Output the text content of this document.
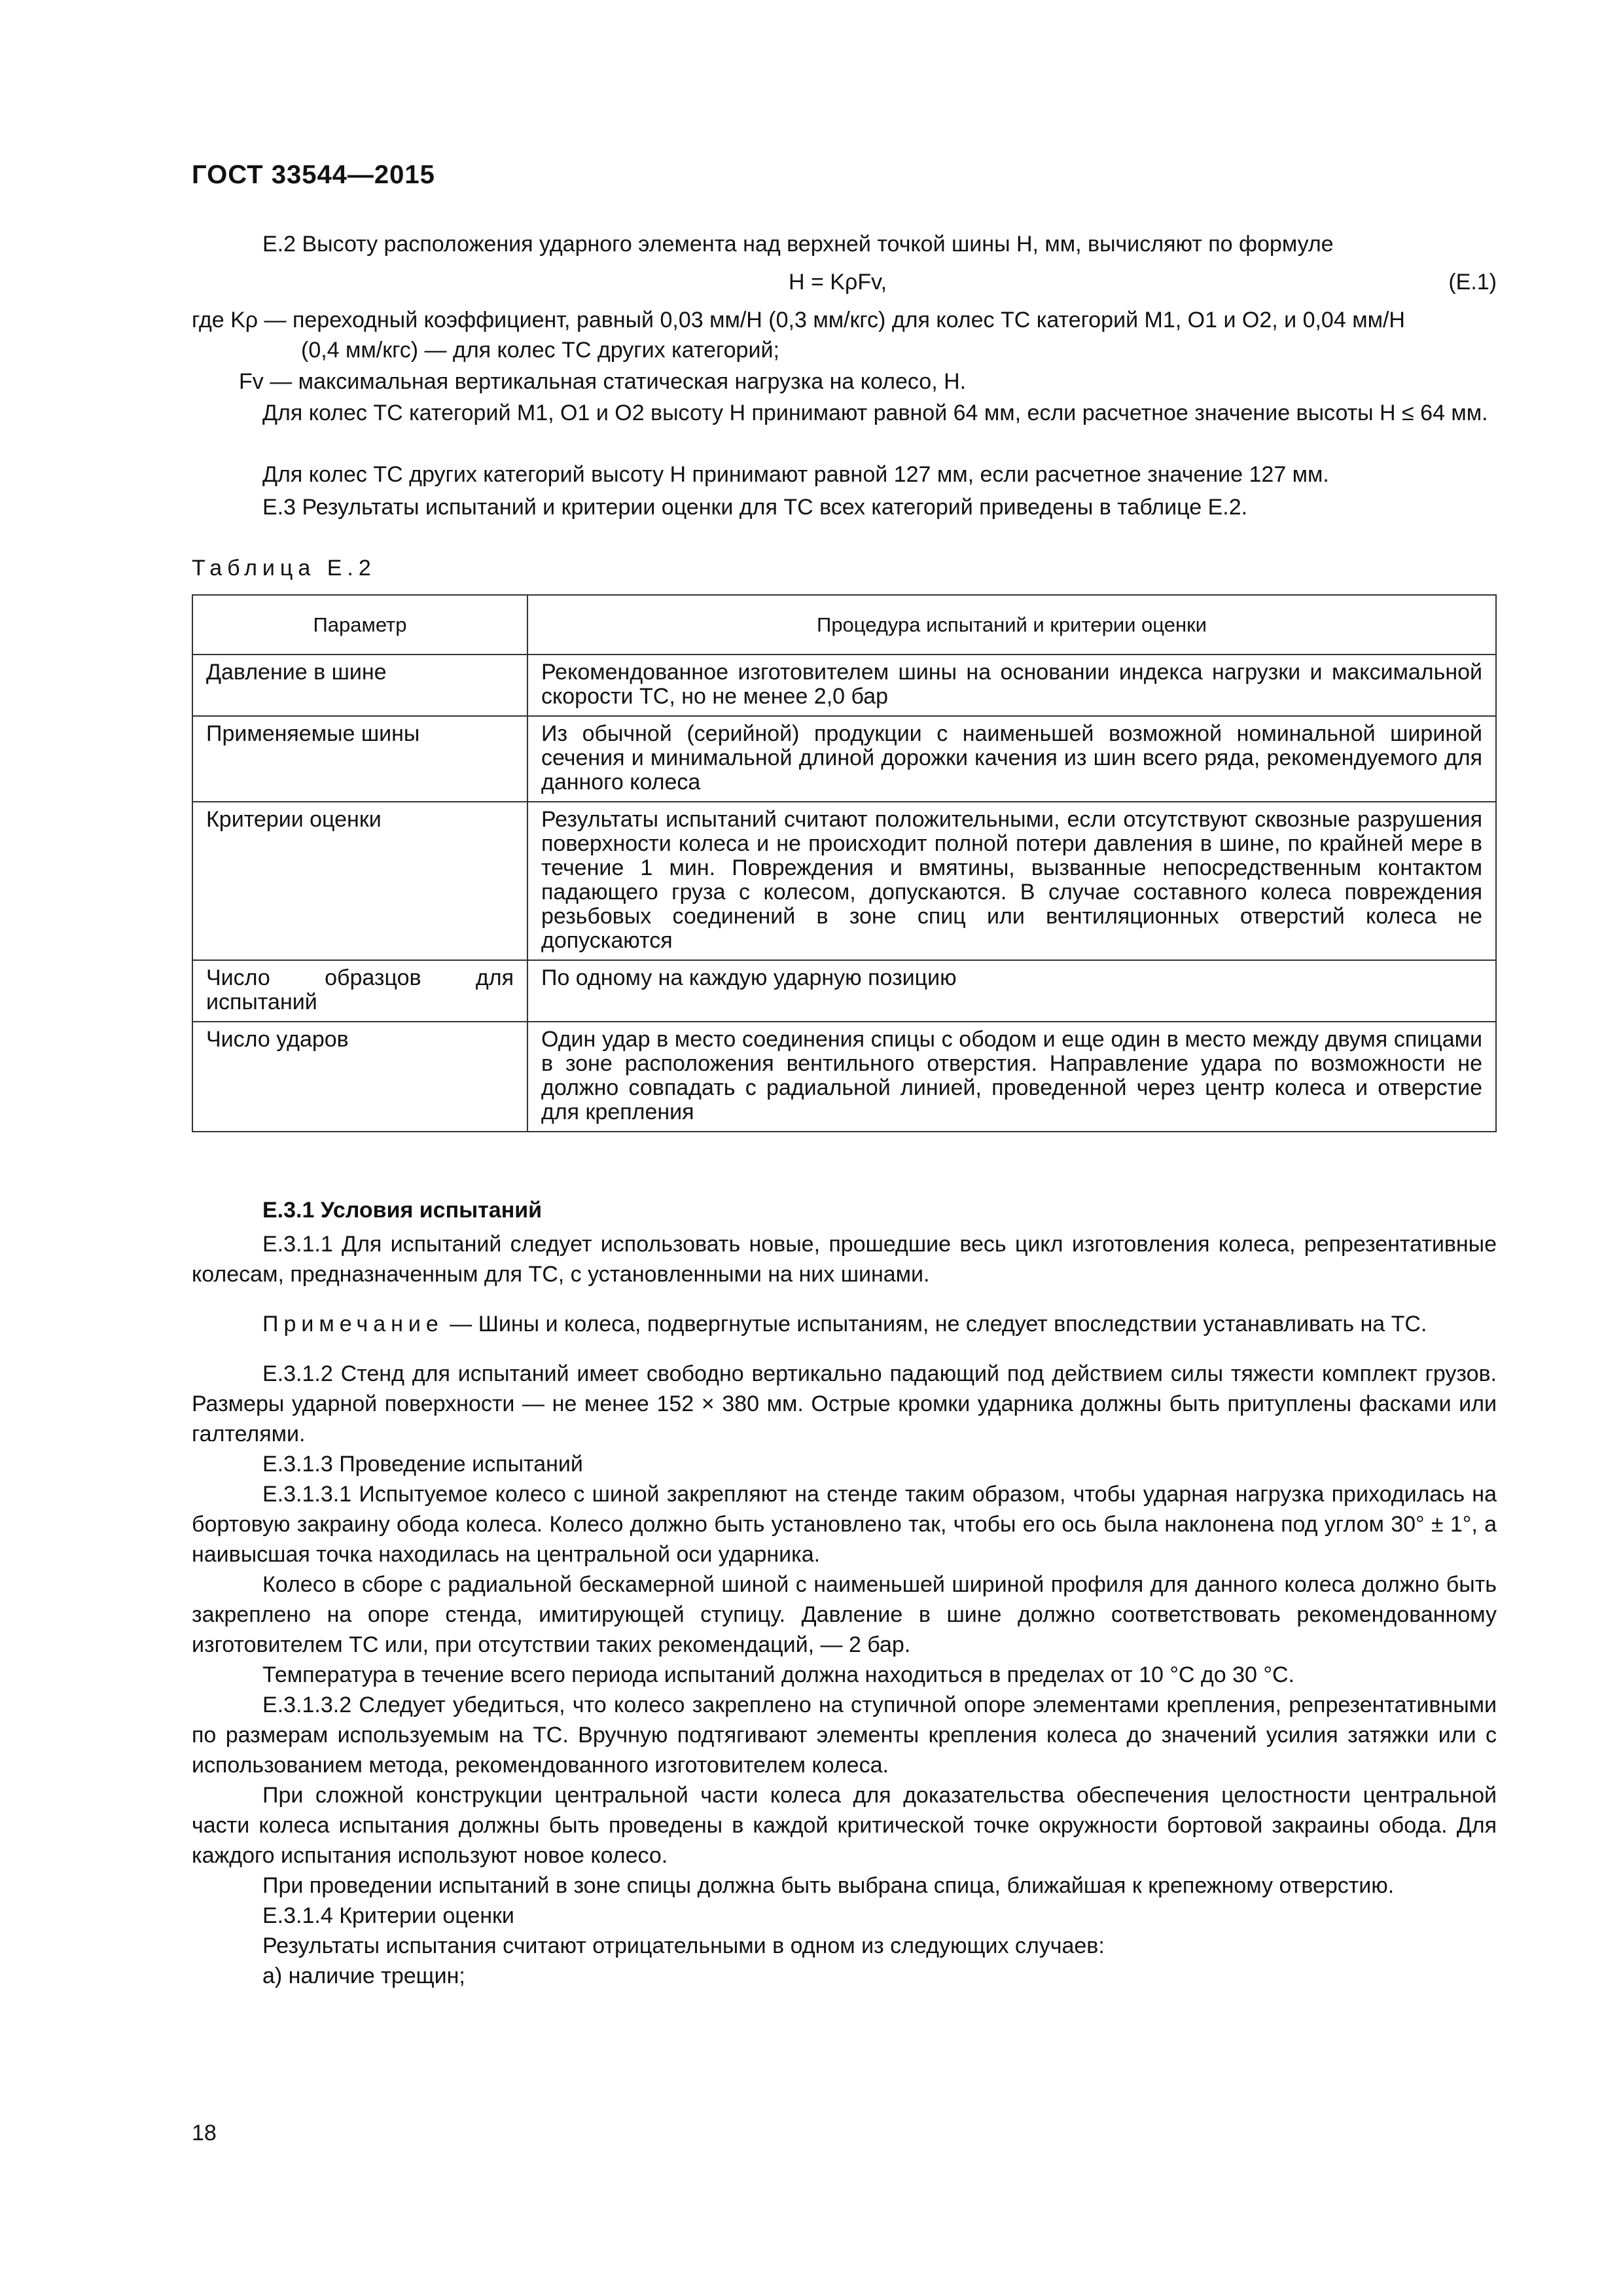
ГОСТ 33544—2015
Е.2 Высоту расположения ударного элемента над верхней точкой шины H, мм, вычисляют по формуле
H = KρFv,	(Е.1)
где Kρ — переходный коэффициент, равный 0,03 мм/Н (0,3 мм/кгс) для колес ТС категорий M1, O1 и O2, и 0,04 мм/Н
(0,4 мм/кгс) — для колес ТС других категорий;
Fv — максимальная вертикальная статическая нагрузка на колесо, Н.
Для колес ТС категорий M1, O1 и O2 высоту H принимают равной 64 мм, если расчетное значение высоты H ≤ 64 мм.
Для колес ТС других категорий высоту H принимают равной 127 мм, если расчетное значение 127 мм.
Е.3 Результаты испытаний и критерии оценки для ТС всех категорий приведены в таблице Е.2.
Таблица Е.2
Параметр	Процедура испытаний и критерии оценки
Давление в шине	Рекомендованное изготовителем шины на основании индекса нагрузки и максимальной скорости ТС, но не менее 2,0 бар
Применяемые шины	Из обычной (серийной) продукции с наименьшей возможной номинальной шириной сечения и минимальной длиной дорожки качения из шин всего ряда, рекомендуемого для данного колеса
Критерии оценки	Результаты испытаний считают положительными, если отсутствуют сквозные разрушения поверхности колеса и не происходит полной потери давления в шине, по крайней мере в течение 1 мин. Повреждения и вмятины, вызванные непосредственным контактом падающего груза с колесом, допускаются. В случае составного колеса повреждения резьбовых соединений в зоне спиц или вентиляционных отверстий колеса не допускаются
Число образцов для испытаний	По одному на каждую ударную позицию
Число ударов	Один удар в место соединения спицы с ободом и еще один в место между двумя спицами в зоне расположения вентильного отверстия. Направление удара по возможности не должно совпадать с радиальной линией, проведенной через центр колеса и отверстие для крепления

Е.3.1 Условия испытаний

Е.3.1.1 Для испытаний следует использовать новые, прошедшие весь цикл изготовления колеса, репрезентативные колесам, предназначенным для ТС, с установленными на них шинами.

Примечание — Шины и колеса, подвергнутые испытаниям, не следует впоследствии устанавливать на ТС.

Е.3.1.2 Стенд для испытаний имеет свободно вертикально падающий под действием силы тяжести комплект грузов. Размеры ударной поверхности — не менее 152 × 380 мм. Острые кромки ударника должны быть притуплены фасками или галтелями.

Е.3.1.3 Проведение испытаний

Е.3.1.3.1 Испытуемое колесо с шиной закрепляют на стенде таким образом, чтобы ударная нагрузка приходилась на бортовую закраину обода колеса. Колесо должно быть установлено так, чтобы его ось была наклонена под углом 30° ± 1°, а наивысшая точка находилась на центральной оси ударника.

Колесо в сборе с радиальной бескамерной шиной с наименьшей шириной профиля для данного колеса должно быть закреплено на опоре стенда, имитирующей ступицу. Давление в шине должно соответствовать рекомендованному изготовителем ТС или, при отсутствии таких рекомендаций, — 2 бар.

Температура в течение всего периода испытаний должна находиться в пределах от 10 °С до 30 °С.

Е.3.1.3.2 Следует убедиться, что колесо закреплено на ступичной опоре элементами крепления, репрезентативными по размерам используемым на ТС. Вручную подтягивают элементы крепления колеса до значений усилия затяжки или с использованием метода, рекомендованного изготовителем колеса.

При сложной конструкции центральной части колеса для доказательства обеспечения целостности центральной части колеса испытания должны быть проведены в каждой критической точке окружности бортовой закраины обода. Для каждого испытания используют новое колесо.

При проведении испытаний в зоне спицы должна быть выбрана спица, ближайшая к крепежному отверстию.

Е.3.1.4 Критерии оценки

Результаты испытания считают отрицательными в одном из следующих случаев:

а) наличие трещин;

18
